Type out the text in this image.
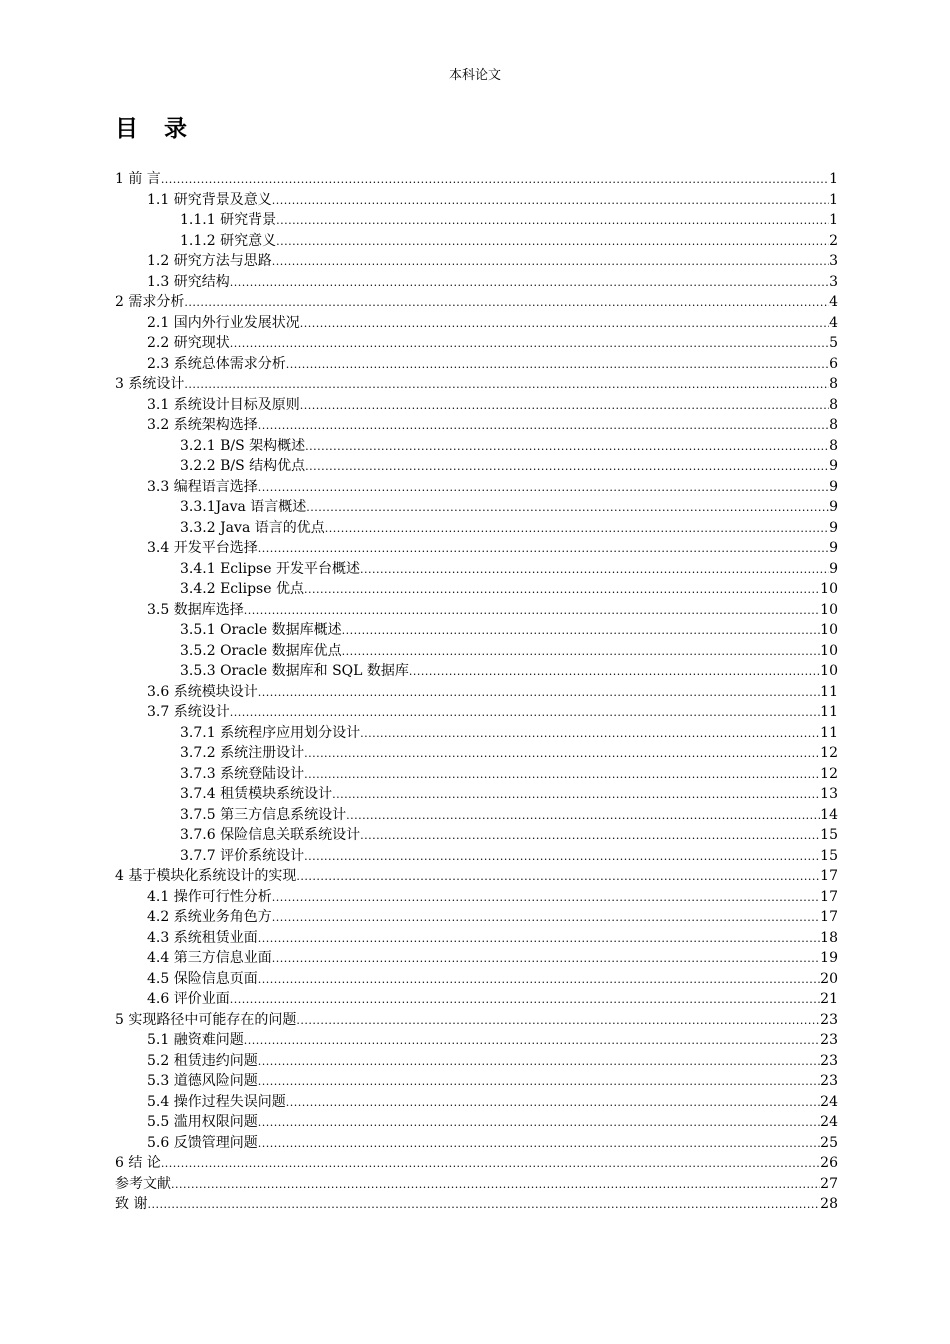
本科论文
目 录
1 前 言 .....	1
1.1 研究背景及意义 .....	1
1.1.1 研究背景 .....	1
1.1.2 研究意义 .....	2
1.2 研究方法与思路 .....	3
1.3 研究结构 .....	3
2 需求分析 .....	4
2.1 国内外行业发展状况 .....	4
2.2 研究现状 .....	5
2.3 系统总体需求分析 .....	6
3 系统设计 .....	8
3.1 系统设计目标及原则 .....	8
3.2 系统架构选择 .....	8
3.2.1 B/S 架构概述 .....	8
3.2.2 B/S 结构优点 .....	9
3.3 编程语言选择 .....	9
3.3.1Java 语言概述 .....	9
3.3.2 Java 语言的优点 .....	9
3.4 开发平台选择 .....	9
3.4.1 Eclipse 开发平台概述 .....	9
3.4.2 Eclipse 优点 .....	10
3.5 数据库选择 .....	10
3.5.1 Oracle 数据库概述 .....	10
3.5.2 Oracle 数据库优点 .....	10
3.5.3 Oracle 数据库和 SQL 数据库 .....	10
3.6 系统模块设计 .....	11
3.7 系统设计 .....	11
3.7.1 系统程序应用划分设计 .....	11
3.7.2 系统注册设计 .....	12
3.7.3 系统登陆设计 .....	12
3.7.4 租赁模块系统设计 .....	13
3.7.5 第三方信息系统设计 .....	14
3.7.6 保险信息关联系统设计 .....	15
3.7.7 评价系统设计 .....	15
4 基于模块化系统设计的实现 .....	17
4.1 操作可行性分析 .....	17
4.2 系统业务角色方 .....	17
4.3 系统租赁业面 .....	18
4.4 第三方信息业面 .....	19
4.5 保险信息页面 .....	20
4.6 评价业面 .....	21
5 实现路径中可能存在的问题 .....	23
5.1 融资难问题 .....	23
5.2 租赁违约问题 .....	23
5.3 道德风险问题 .....	23
5.4 操作过程失误问题 .....	24
5.5 滥用权限问题 .....	24
5.6 反馈管理问题 .....	25
6 结 论 .....	26
参考文献 .....	27
致 谢 .....	28
